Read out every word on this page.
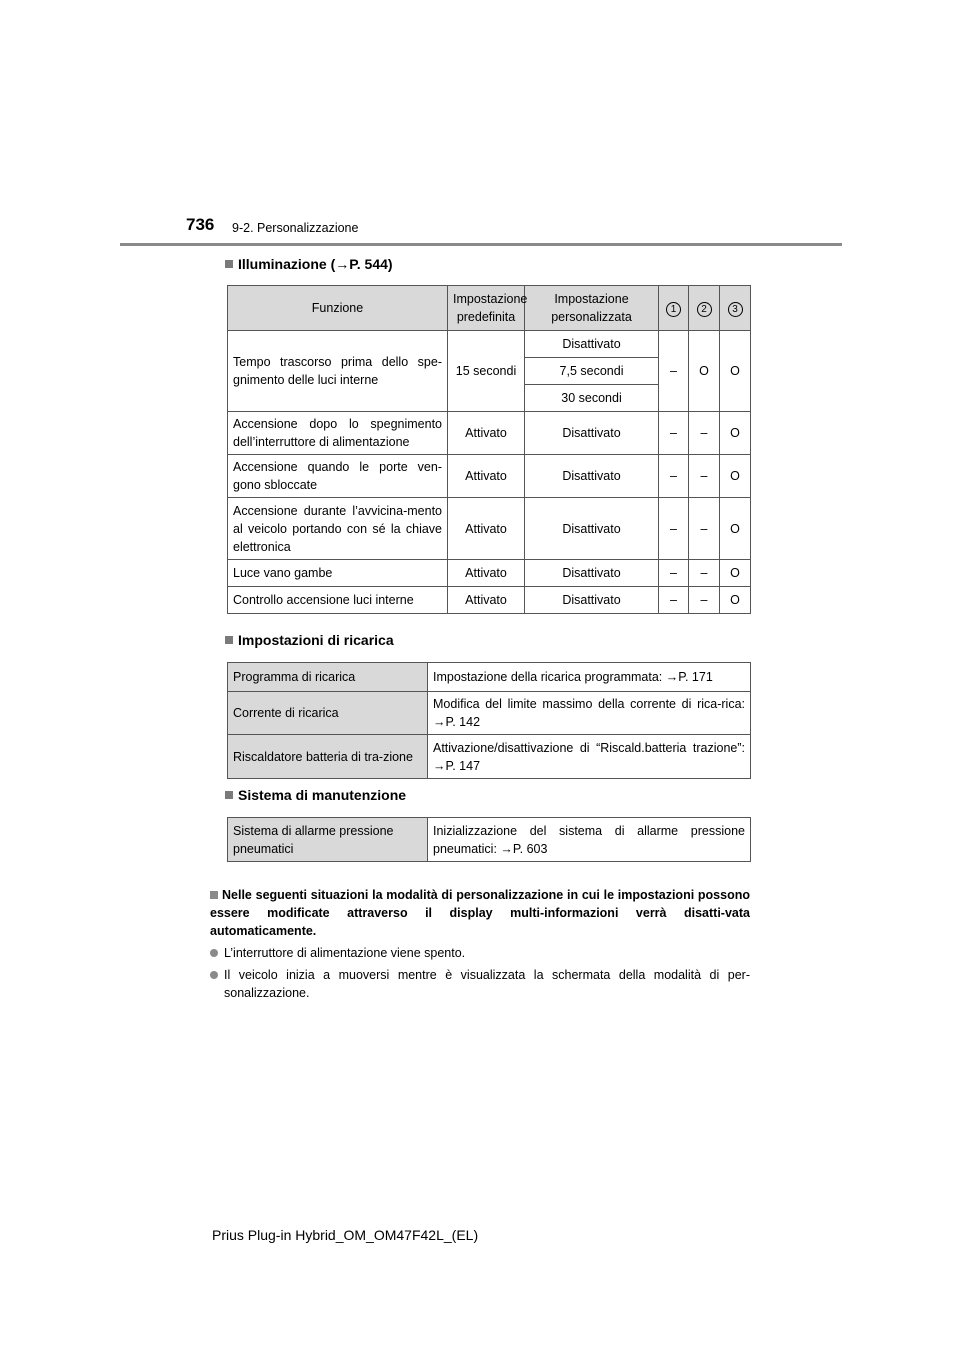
736 9-2. Personalizzazione
Illuminazione (→P. 544)
Funzione	Impostazione predefinita	Impostazione personalizzata	1	2	3
Tempo trascorso prima dello spe-gnimento delle luci interne	15 secondi	Disattivato	–	O	O
		7,5 secondi			
		30 secondi			
Accensione dopo lo spegnimento dell’interruttore di alimentazione	Attivato	Disattivato	–	–	O
Accensione quando le porte ven-gono sbloccate	Attivato	Disattivato	–	–	O
Accensione durante l’avvicina-mento al veicolo portando con sé la chiave elettronica	Attivato	Disattivato	–	–	O
Luce vano gambe	Attivato	Disattivato	–	–	O
Controllo accensione luci interne	Attivato	Disattivato	–	–	O
Impostazioni di ricarica
Programma di ricarica	Impostazione della ricarica programmata: →P. 171
Corrente di ricarica	Modifica del limite massimo della corrente di rica-rica: →P. 142
Riscaldatore batteria di tra-zione	Attivazione/disattivazione di “Riscald.batteria trazione”: →P. 147
Sistema di manutenzione
Sistema di allarme pressione pneumatici	Inizializzazione del sistema di allarme pressione pneumatici: →P. 603
Nelle seguenti situazioni la modalità di personalizzazione in cui le impostazioni possono essere modificate attraverso il display multi-informazioni verrà disatti-vata automaticamente.
L’interruttore di alimentazione viene spento.
Il veicolo inizia a muoversi mentre è visualizzata la schermata della modalità di per-sonalizzazione.
Prius Plug-in Hybrid_OM_OM47F42L_(EL)
